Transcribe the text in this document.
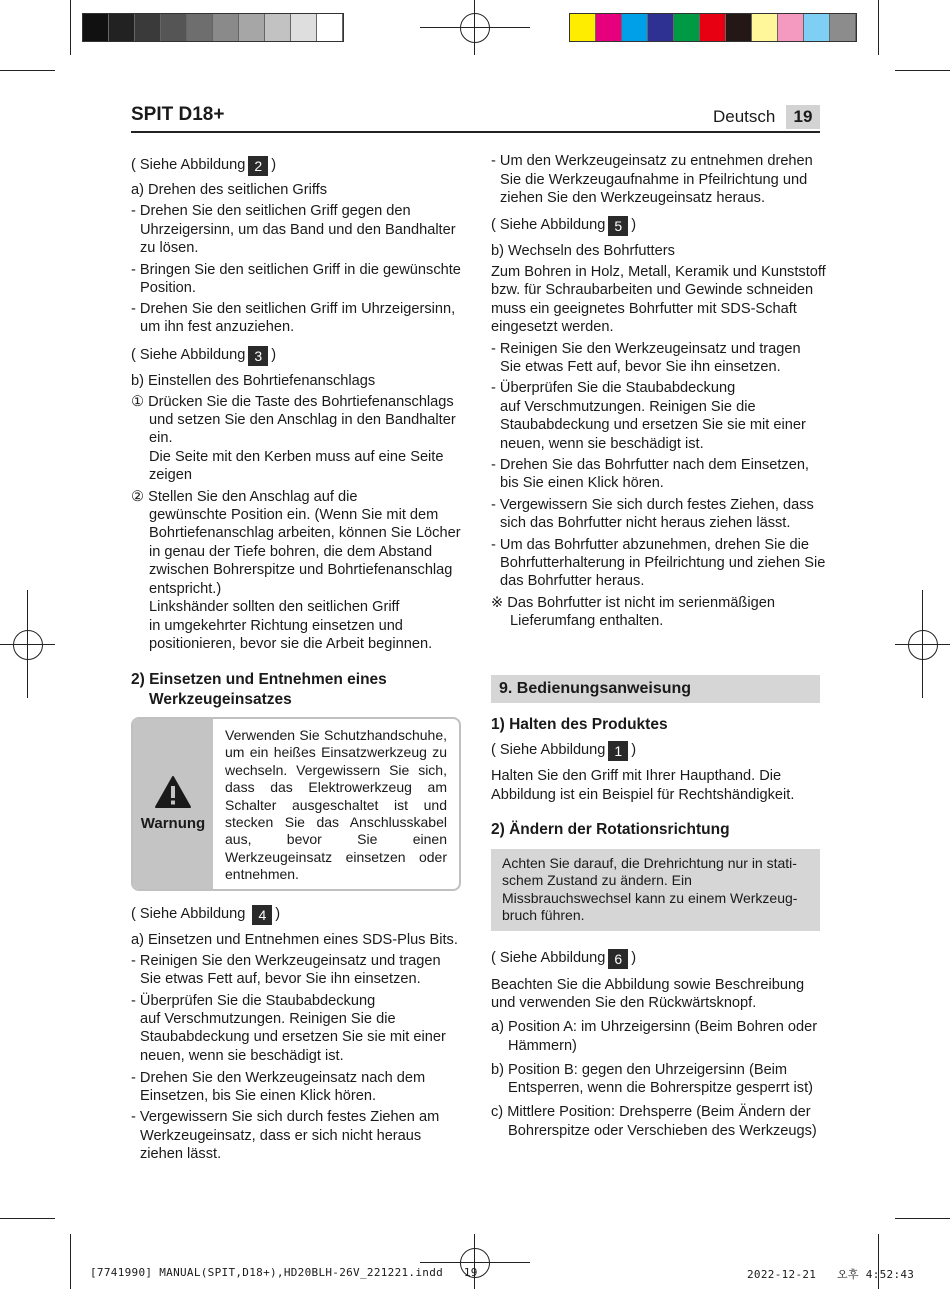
SPIT D18+	Deutsch	19
( Siehe Abbildung 2 )
a) Drehen des seitlichen Griffs
- Drehen Sie den seitlichen Griff gegen den
Uhrzeigersinn, um das Band und den Bandhalter
zu lösen.
- Bringen Sie den seitlichen Griff in die gewünschte
Position.
- Drehen Sie den seitlichen Griff im Uhrzeigersinn,
um ihn fest anzuziehen.
( Siehe Abbildung 3 )
b) Einstellen des Bohrtiefenanschlags
① Drücken Sie die Taste des Bohrtiefenanschlags
und setzen Sie den Anschlag in den Bandhalter
ein.
Die Seite mit den Kerben muss auf eine Seite
zeigen
② Stellen Sie den Anschlag auf die
gewünschte Position ein. (Wenn Sie mit dem
Bohrtiefenanschlag arbeiten, können Sie Löcher
in genau der Tiefe bohren, die dem Abstand
zwischen Bohrerspitze und Bohrtiefenanschlag
entspricht.)
Linkshänder sollten den seitlichen Griff
in umgekehrter Richtung einsetzen und
positionieren, bevor sie die Arbeit beginnen.
2) Einsetzen und Entnehmen eines
Werkzeugeinsatzes
Warnung
Verwenden Sie Schutzhandschuhe, um ein heißes Einsatzwerkzeug zu wechseln. Vergewissern Sie sich, dass das Elektrowerkzeug am Schalter ausgeschaltet ist und stecken Sie das Anschlusskabel aus, bevor Sie einen Werkzeugeinsatz einsetzen oder entnehmen.
( Siehe Abbildung 4 )
a) Einsetzen und Entnehmen eines SDS-Plus Bits.
- Reinigen Sie den Werkzeugeinsatz und tragen
Sie etwas Fett auf, bevor Sie ihn einsetzen.
- Überprüfen Sie die Staubabdeckung
auf Verschmutzungen. Reinigen Sie die
Staubabdeckung und ersetzen Sie sie mit einer
neuen, wenn sie beschädigt ist.
- Drehen Sie den Werkzeugeinsatz nach dem
Einsetzen, bis Sie einen Klick hören.
- Vergewissern Sie sich durch festes Ziehen am
Werkzeugeinsatz, dass er sich nicht heraus
ziehen lässt.
- Um den Werkzeugeinsatz zu entnehmen drehen
Sie die Werkzeugaufnahme in Pfeilrichtung und
ziehen Sie den Werkzeugeinsatz heraus.
( Siehe Abbildung 5 )
b) Wechseln des Bohrfutters
Zum Bohren in Holz, Metall, Keramik und Kunststoff
bzw. für Schraubarbeiten und Gewinde schneiden
muss ein geeignetes Bohrfutter mit SDS-Schaft
eingesetzt werden.
- Reinigen Sie den Werkzeugeinsatz und tragen
Sie etwas Fett auf, bevor Sie ihn einsetzen.
- Überprüfen Sie die Staubabdeckung
auf Verschmutzungen. Reinigen Sie die
Staubabdeckung und ersetzen Sie sie mit einer
neuen, wenn sie beschädigt ist.
- Drehen Sie das Bohrfutter nach dem Einsetzen,
bis Sie einen Klick hören.
- Vergewissern Sie sich durch festes Ziehen, dass
sich das Bohrfutter nicht heraus ziehen lässt.
- Um das Bohrfutter abzunehmen, drehen Sie die
Bohrfutterhalterung in Pfeilrichtung und ziehen Sie
das Bohrfutter heraus.
※ Das Bohrfutter ist nicht im serienmäßigen
Lieferumfang enthalten.
9. Bedienungsanweisung
1) Halten des Produktes
( Siehe Abbildung 1 )
Halten Sie den Griff mit Ihrer Haupthand. Die
Abbildung ist ein Beispiel für Rechtshändigkeit.
2) Ändern der Rotationsrichtung
Achten Sie darauf, die Drehrichtung nur in stati-schem Zustand zu ändern. Ein Missbrauchswechsel kann zu einem Werkzeug-bruch führen.
( Siehe Abbildung 6 )
Beachten Sie die Abbildung sowie Beschreibung
und verwenden Sie den Rückwärtsknopf.
a) Position A: im Uhrzeigersinn (Beim Bohren oder
Hämmern)
b) Position B: gegen den Uhrzeigersinn (Beim
Entsperren, wenn die Bohrerspitze gesperrt ist)
c) Mittlere Position: Drehsperre (Beim Ändern der
Bohrerspitze oder Verschieben des Werkzeugs)
[7741990] MANUAL(SPIT,D18+),HD20BLH-26V_221221.indd   19	2022-12-21   오후 4:52:43
